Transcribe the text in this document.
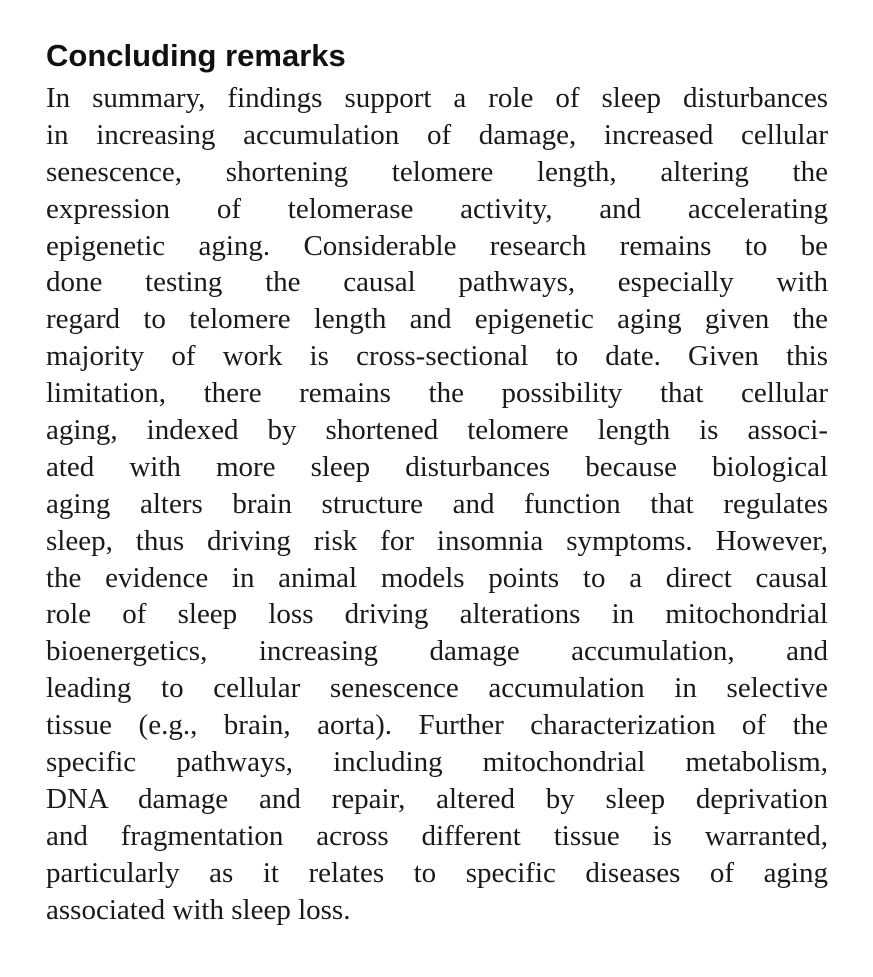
Concluding remarks
In summary, findings support a role of sleep disturbances
in increasing accumulation of damage, increased cellular
senescence, shortening telomere length, altering the
expression of telomerase activity, and accelerating
epigenetic aging. Considerable research remains to be
done testing the causal pathways, especially with
regard to telomere length and epigenetic aging given the
majority of work is cross-sectional to date. Given this
limitation, there remains the possibility that cellular
aging, indexed by shortened telomere length is associ-
ated with more sleep disturbances because biological
aging alters brain structure and function that regulates
sleep, thus driving risk for insomnia symptoms. However,
the evidence in animal models points to a direct causal
role of sleep loss driving alterations in mitochondrial
bioenergetics, increasing damage accumulation, and
leading to cellular senescence accumulation in selective
tissue (e.g., brain, aorta). Further characterization of the
specific pathways, including mitochondrial metabolism,
DNA damage and repair, altered by sleep deprivation
and fragmentation across different tissue is warranted,
particularly as it relates to specific diseases of aging
associated with sleep loss.
